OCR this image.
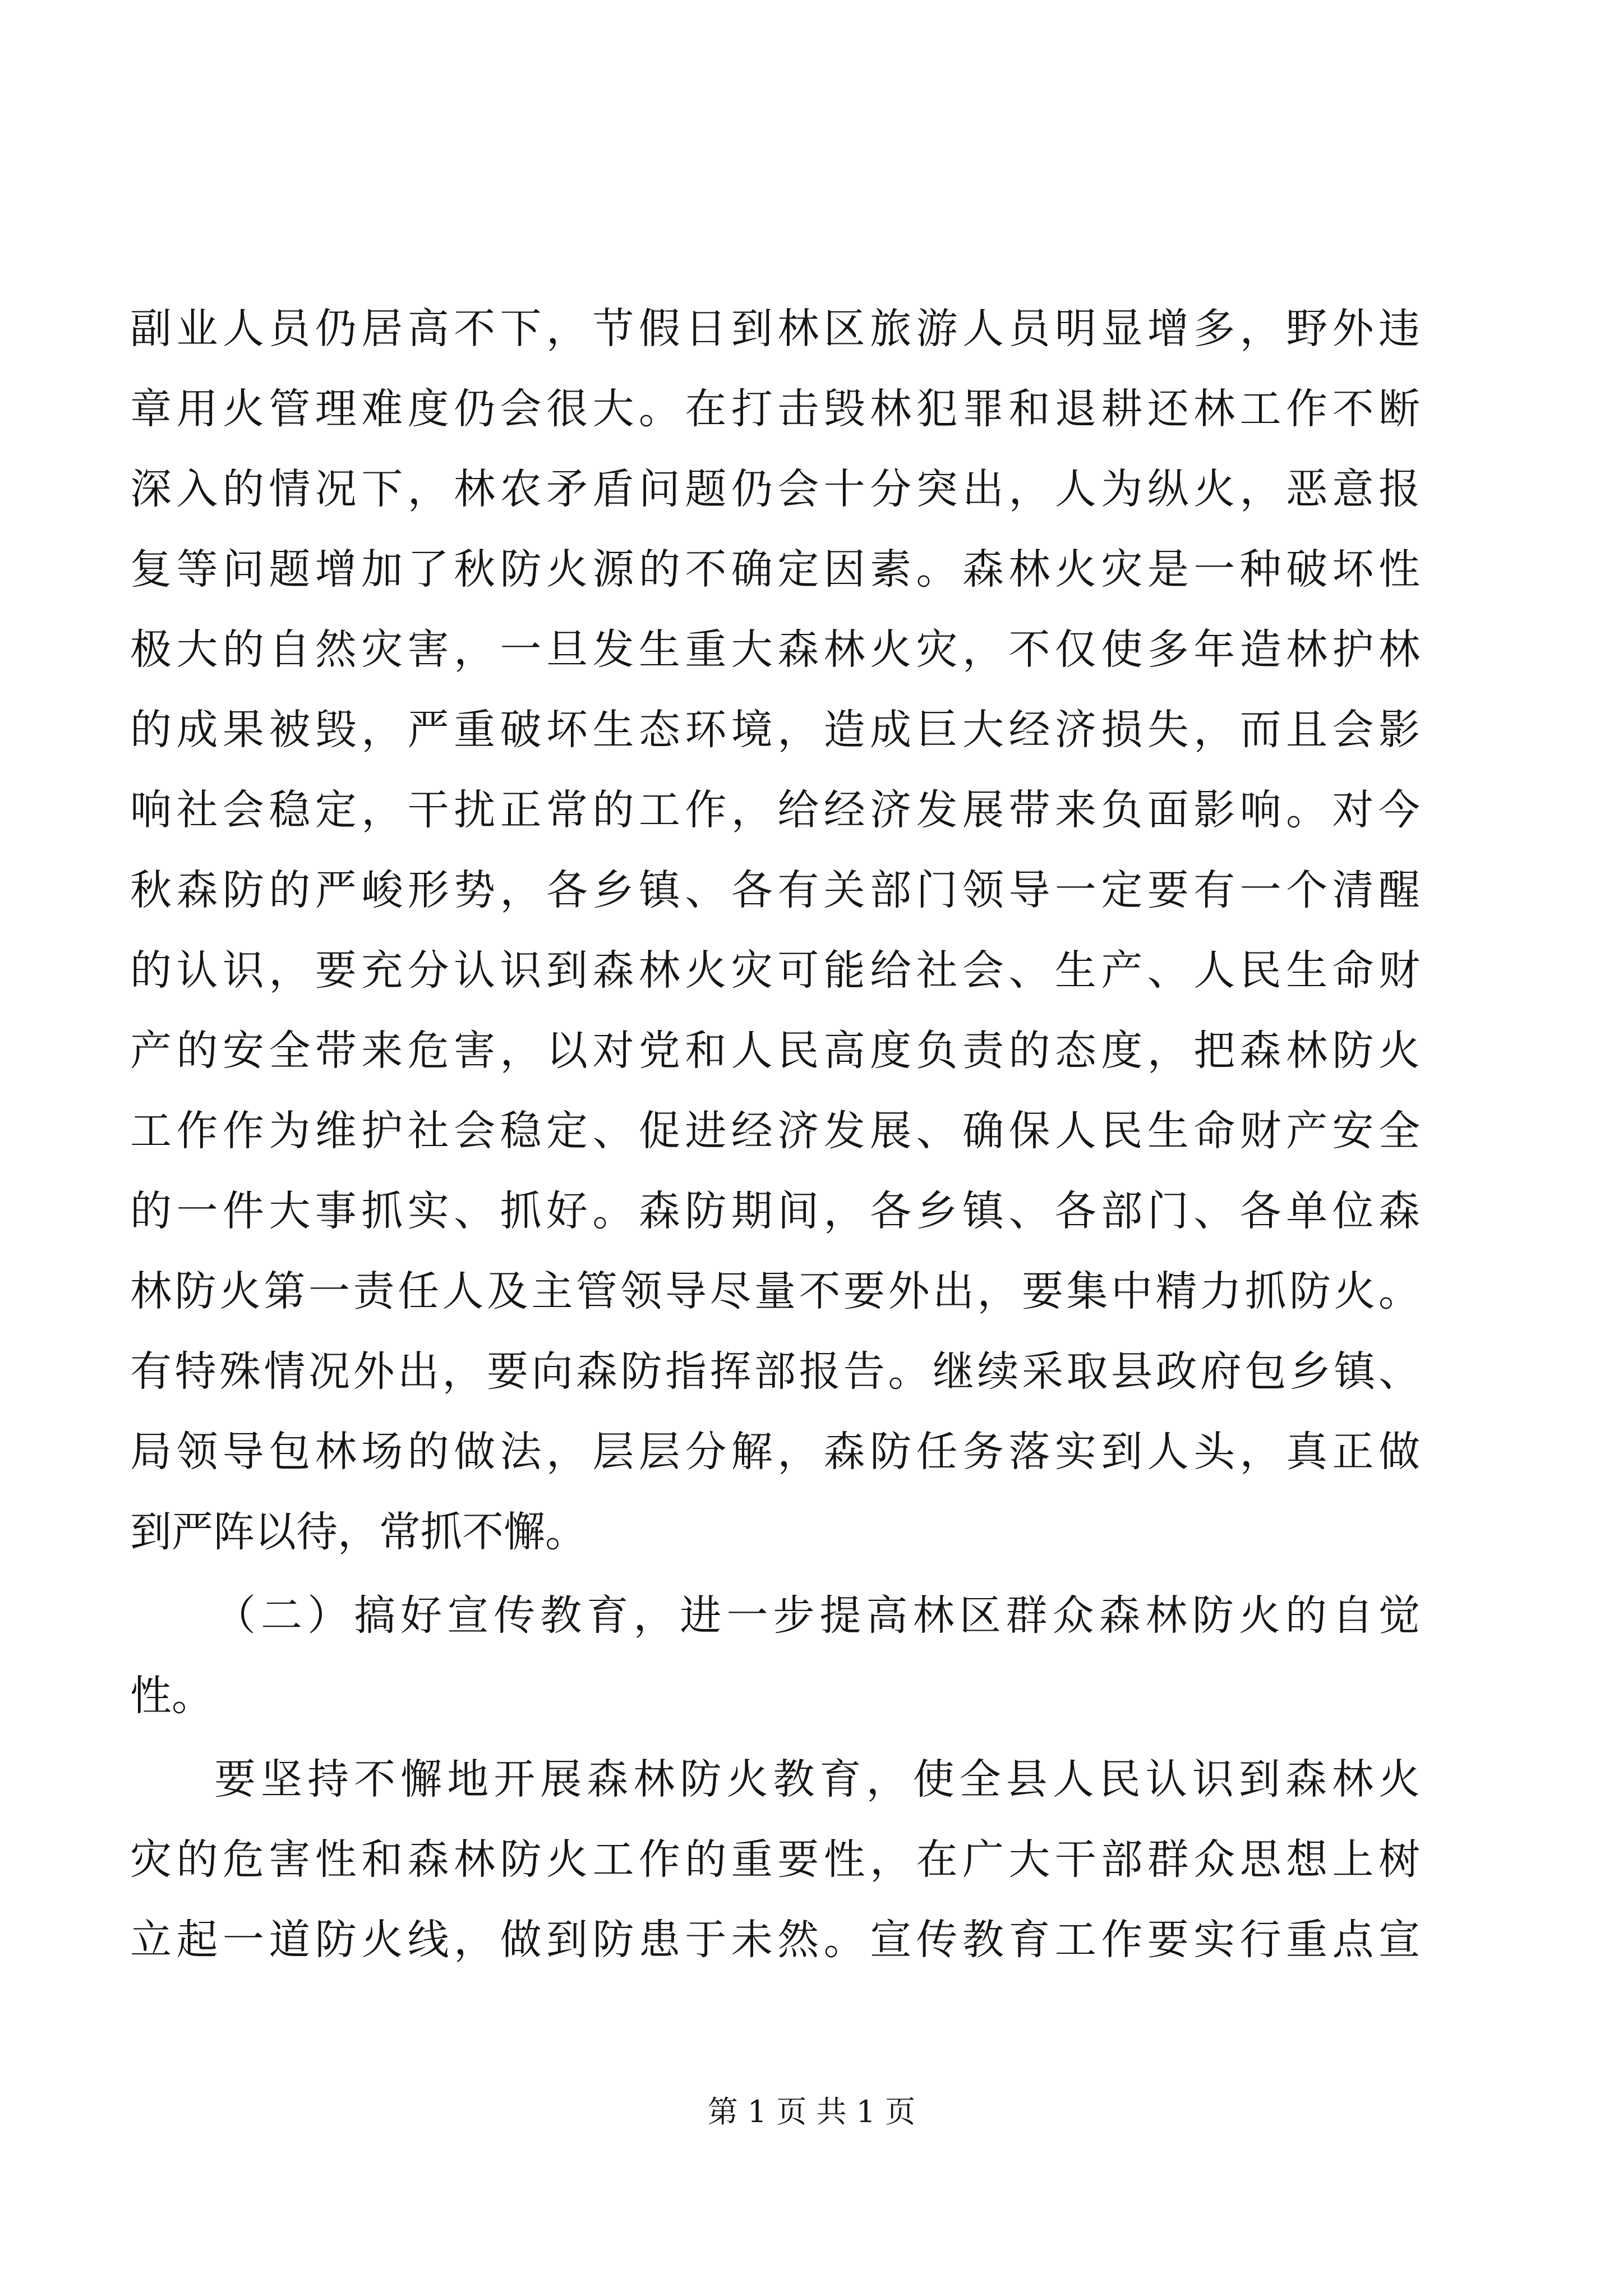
副业人员仍居高不下，节假日到林区旅游人员明显增多，野外违
章用火管理难度仍会很大。在打击毁林犯罪和退耕还林工作不断
深入的情况下，林农矛盾问题仍会十分突出，人为纵火，恶意报
复等问题增加了秋防火源的不确定因素。森林火灾是一种破坏性
极大的自然灾害，一旦发生重大森林火灾，不仅使多年造林护林
的成果被毁，严重破坏生态环境，造成巨大经济损失，而且会影
响社会稳定，干扰正常的工作，给经济发展带来负面影响。对今
秋森防的严峻形势，各乡镇、各有关部门领导一定要有一个清醒
的认识，要充分认识到森林火灾可能给社会、生产、人民生命财
产的安全带来危害，以对党和人民高度负责的态度，把森林防火
工作作为维护社会稳定、促进经济发展、确保人民生命财产安全
的一件大事抓实、抓好。森防期间，各乡镇、各部门、各单位森
林防火第一责任人及主管领导尽量不要外出，要集中精力抓防火。
有特殊情况外出，要向森防指挥部报告。继续采取县政府包乡镇、
局领导包林场的做法，层层分解，森防任务落实到人头，真正做
到严阵以待，常抓不懈。
（二）搞好宣传教育，进一步提高林区群众森林防火的自觉
性。
要坚持不懈地开展森林防火教育，使全县人民认识到森林火
灾的危害性和森林防火工作的重要性，在广大干部群众思想上树
立起一道防火线，做到防患于未然。宣传教育工作要实行重点宣
第 1 页 共 1 页
